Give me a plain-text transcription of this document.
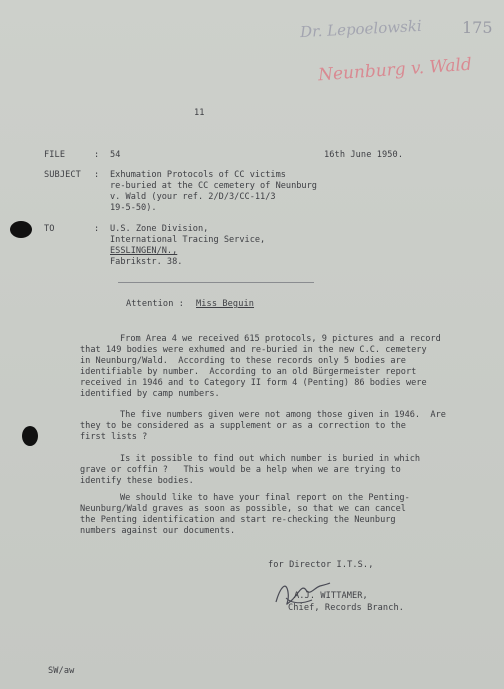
Dr. Lepoelowski 175
Neunburg v. Wald
11
FILE	: 54	16th June 1950.
SUBJECT : Exhumation Protocols of CC victims
re-buried at the CC cemetery of Neunburg
v. Wald (your ref. 2/D/3/CC-11/3
19-5-50).
TO	: U.S. Zone Division,
International Tracing Service,
ESSLINGEN/N.,
Fabrikstr. 38.
Attention : Miss Beguin
From Area 4 we received 615 protocols, 9 pictures and a record
that 149 bodies were exhumed and re-buried in the new C.C. cemetery
in Neunburg/Wald.  According to these records only 5 bodies are
identifiable by number.  According to an old Bürgermeister report
received in 1946 and to Category II form 4 (Penting) 86 bodies were
identified by camp numbers.
The five numbers given were not among those given in 1946.  Are
they to be considered as a supplement or as a correction to the
first lists ?
Is it possible to find out which number is buried in which
grave or coffin ?   This would be a help when we are trying to
identify these bodies.
We should like to have your final report on the Penting-
Neunburg/Wald graves as soon as possible, so that we can cancel
the Penting identification and start re-checking the Neunburg
numbers against our documents.
for Director I.T.S.,
A.J. WITTAMER,
Chief, Records Branch.
SW/aw
